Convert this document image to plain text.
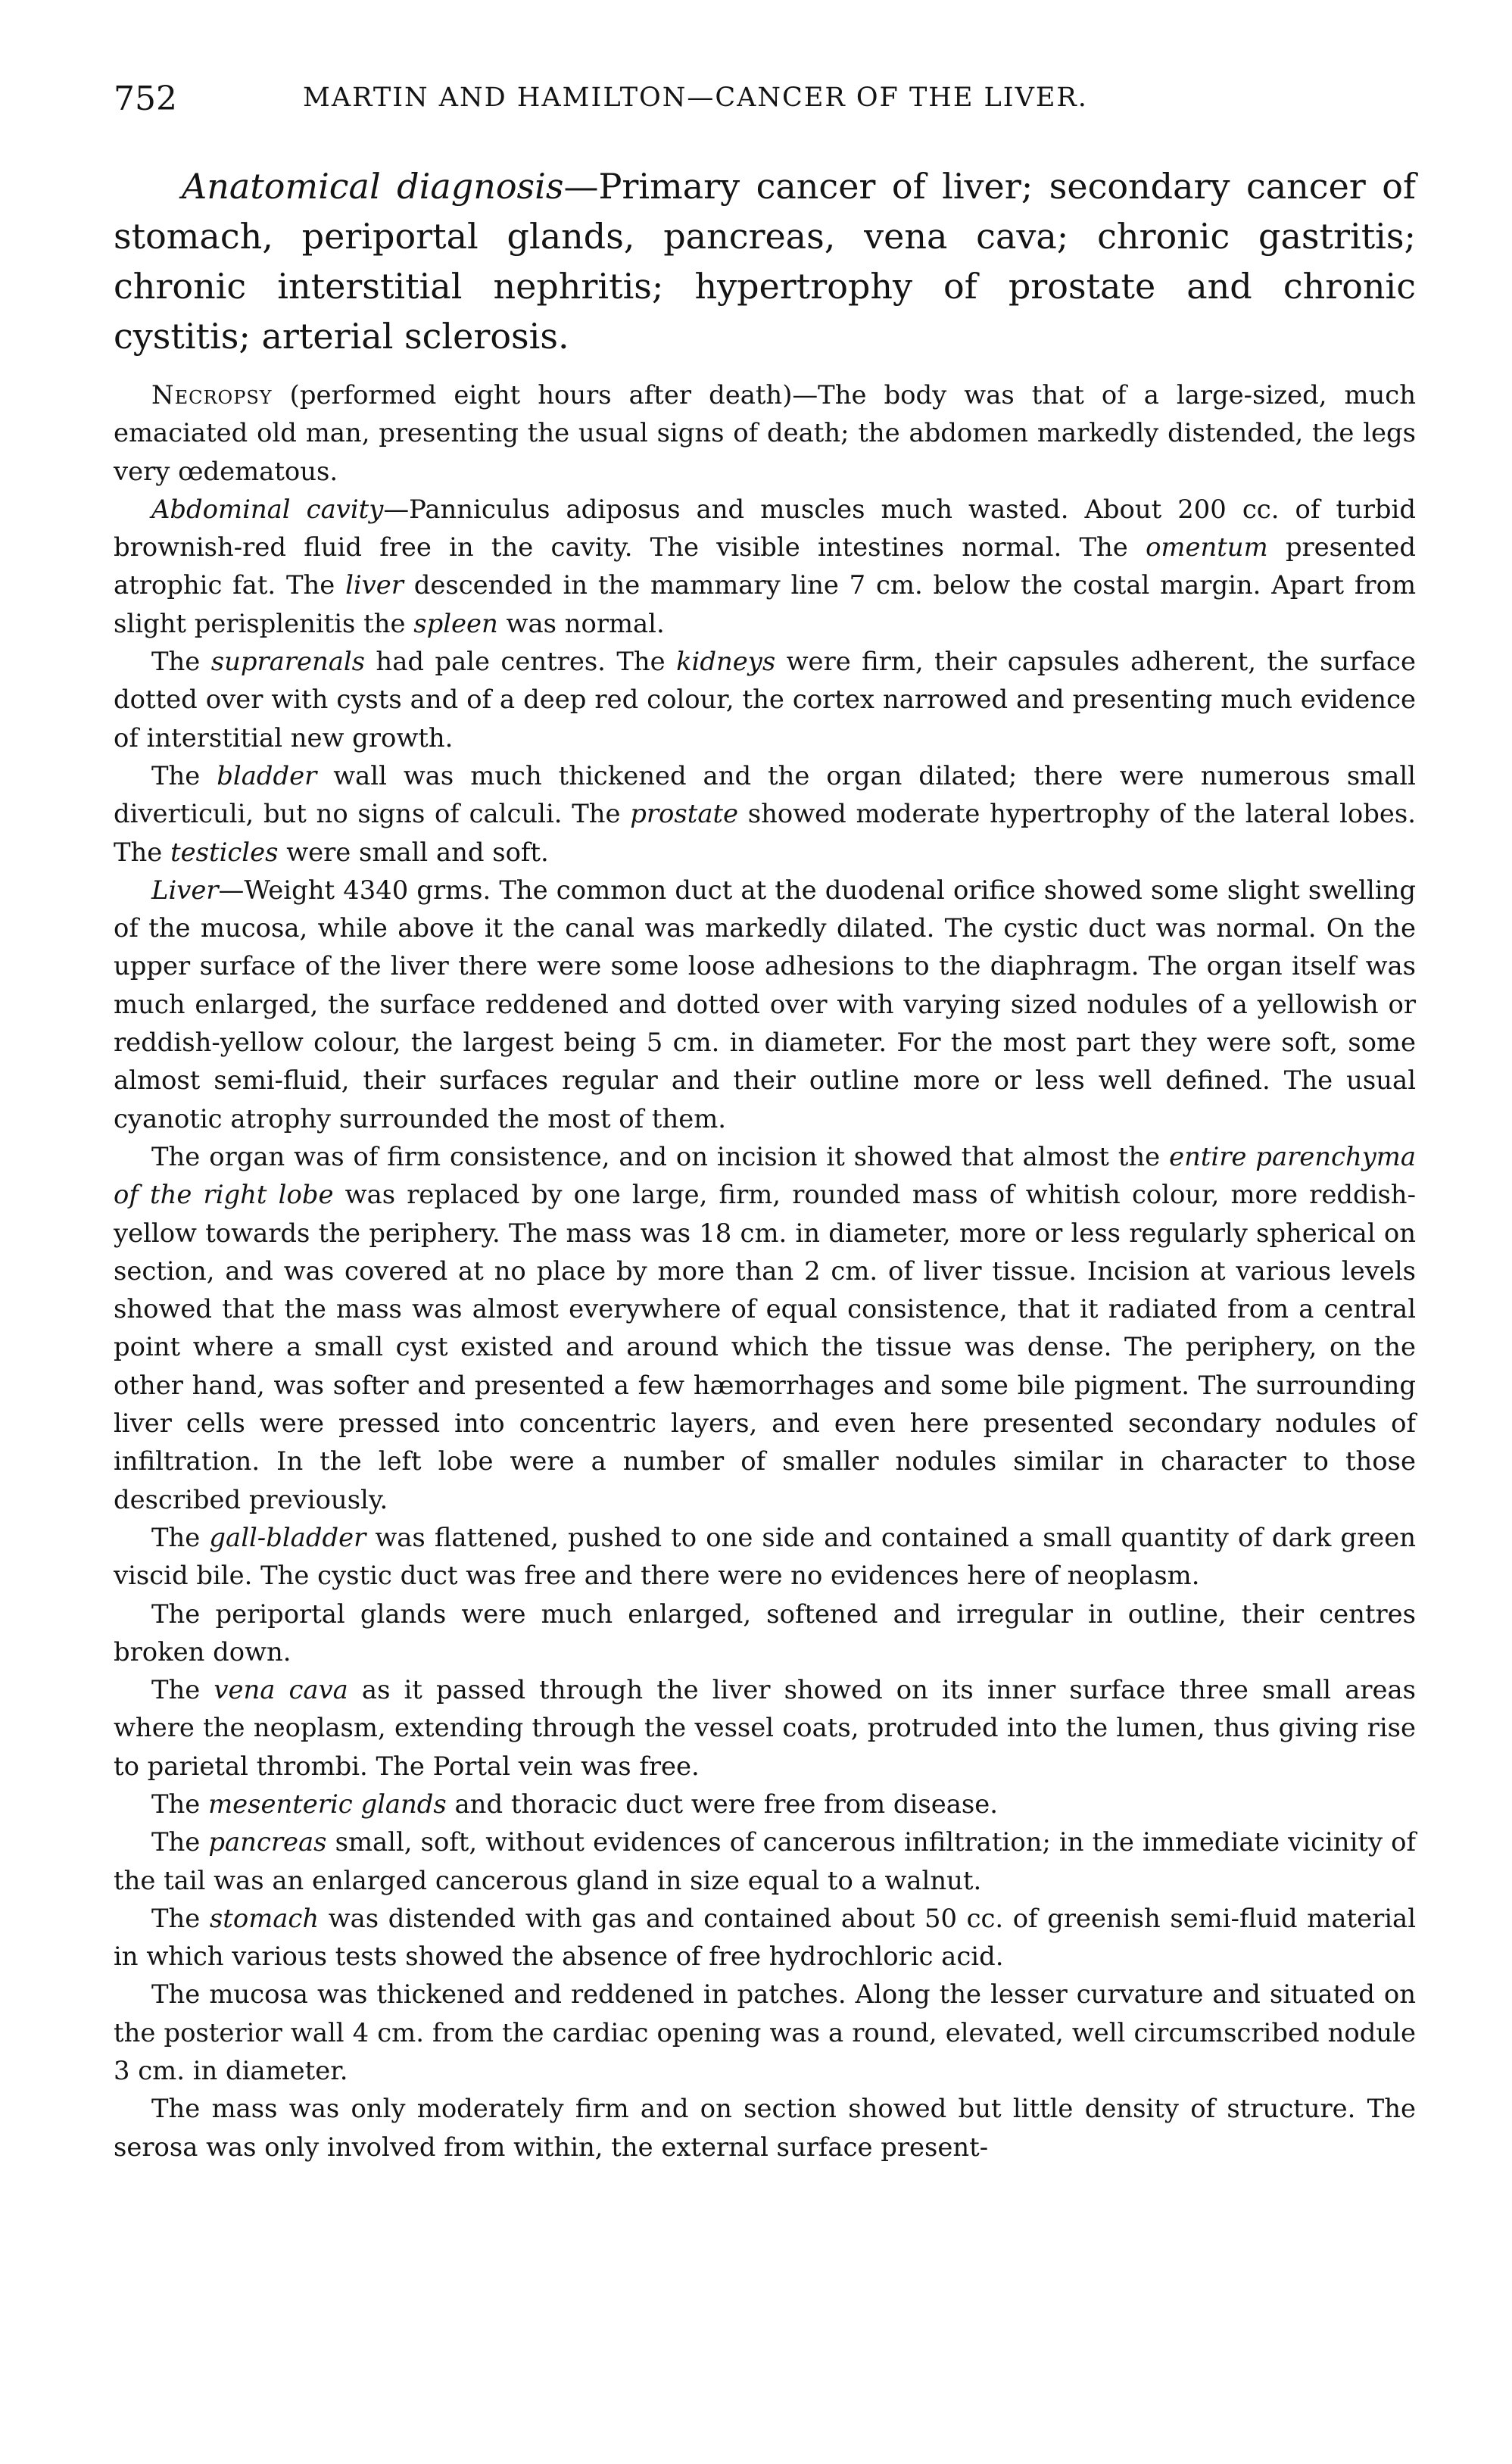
752	MARTIN AND HAMILTON—CANCER OF THE LIVER.

Anatomical diagnosis—Primary cancer of liver; secondary cancer of stomach, periportal glands, pancreas, vena cava; chronic gastritis; chronic interstitial nephritis; hypertrophy of prostate and chronic cystitis; arterial sclerosis.

Necropsy (performed eight hours after death)—The body was that of a large-sized, much emaciated old man, presenting the usual signs of death; the abdomen markedly distended, the legs very œdematous.

Abdominal cavity—Panniculus adiposus and muscles much wasted. About 200 cc. of turbid brownish-red fluid free in the cavity. The visible intestines normal. The omentum presented atrophic fat. The liver descended in the mammary line 7 cm. below the costal margin. Apart from slight perisplenitis the spleen was normal.

The suprarenals had pale centres. The kidneys were firm, their capsules adherent, the surface dotted over with cysts and of a deep red colour, the cortex narrowed and presenting much evidence of interstitial new growth.

The bladder wall was much thickened and the organ dilated; there were numerous small diverticuli, but no signs of calculi. The prostate showed moderate hypertrophy of the lateral lobes. The testicles were small and soft.

Liver—Weight 4340 grms. The common duct at the duodenal orifice showed some slight swelling of the mucosa, while above it the canal was markedly dilated. The cystic duct was normal. On the upper surface of the liver there were some loose adhesions to the diaphragm. The organ itself was much enlarged, the surface reddened and dotted over with varying sized nodules of a yellowish or reddish-yellow colour, the largest being 5 cm. in diameter. For the most part they were soft, some almost semi-fluid, their surfaces regular and their outline more or less well defined. The usual cyanotic atrophy surrounded the most of them.

The organ was of firm consistence, and on incision it showed that almost the entire parenchyma of the right lobe was replaced by one large, firm, rounded mass of whitish colour, more reddish-yellow towards the periphery. The mass was 18 cm. in diameter, more or less regularly spherical on section, and was covered at no place by more than 2 cm. of liver tissue. Incision at various levels showed that the mass was almost everywhere of equal consistence, that it radiated from a central point where a small cyst existed and around which the tissue was dense. The periphery, on the other hand, was softer and presented a few hæmorrhages and some bile pigment. The surrounding liver cells were pressed into concentric layers, and even here presented secondary nodules of infiltration. In the left lobe were a number of smaller nodules similar in character to those described previously.

The gall-bladder was flattened, pushed to one side and contained a small quantity of dark green viscid bile. The cystic duct was free and there were no evidences here of neoplasm.

The periportal glands were much enlarged, softened and irregular in outline, their centres broken down.

The vena cava as it passed through the liver showed on its inner surface three small areas where the neoplasm, extending through the vessel coats, protruded into the lumen, thus giving rise to parietal thrombi. The Portal vein was free.

The mesenteric glands and thoracic duct were free from disease.

The pancreas small, soft, without evidences of cancerous infiltration; in the immediate vicinity of the tail was an enlarged cancerous gland in size equal to a walnut.

The stomach was distended with gas and contained about 50 cc. of greenish semi-fluid material in which various tests showed the absence of free hydrochloric acid.

The mucosa was thickened and reddened in patches. Along the lesser curvature and situated on the posterior wall 4 cm. from the cardiac opening was a round, elevated, well circumscribed nodule 3 cm. in diameter.

The mass was only moderately firm and on section showed but little density of structure. The serosa was only involved from within, the external surface present-
